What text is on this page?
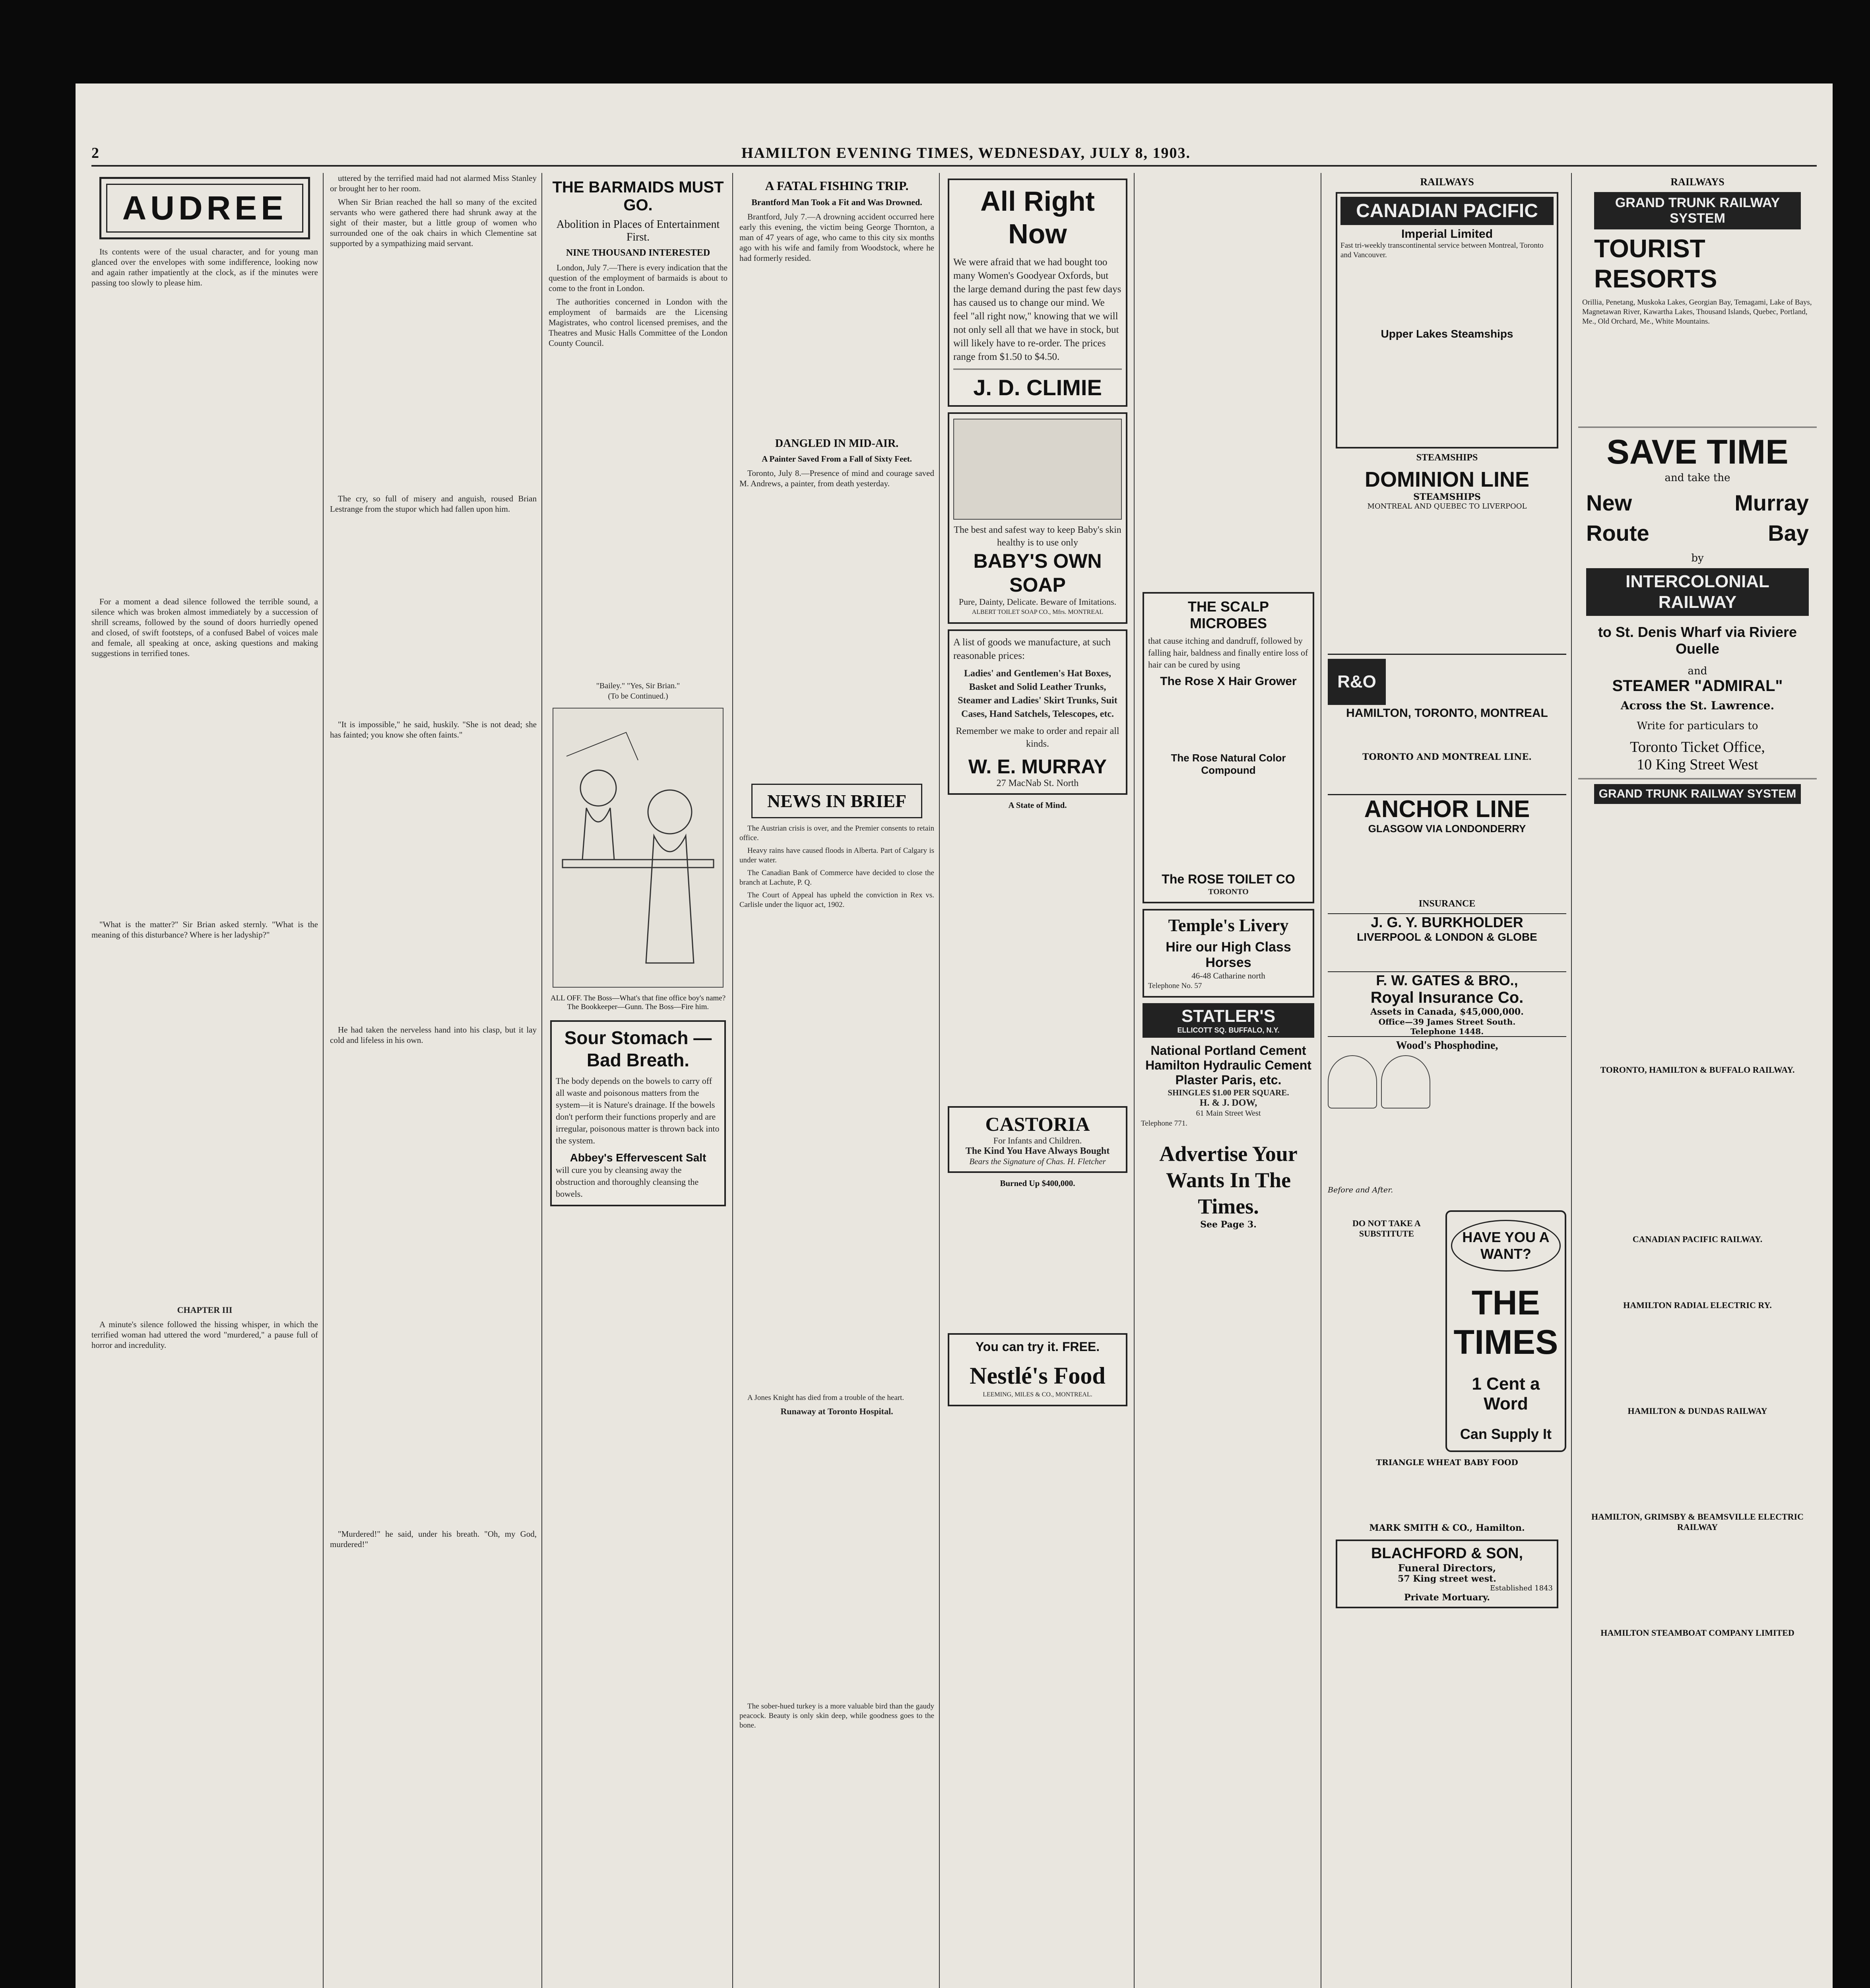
2	HAMILTON EVENING TIMES, WEDNESDAY, JULY 8, 1903.
AUDREE

Its contents were of the usual character, and for young man glanced over the envelopes with some indifference, looking now and again rather impatiently at the clock, as if the minutes were passing too slowly to please him.

For a moment a dead silence followed the terrible sound, a silence which was broken almost immediately by a succession of shrill screams, followed by the sound of doors hurriedly opened and closed, of swift footsteps, of a confused Babel of voices male and female, all speaking at once, asking questions and making suggestions in terrified tones.

"What is the matter?" Sir Brian asked sternly. "What is the meaning of this disturbance? Where is her ladyship?"

CHAPTER III

A minute's silence followed the hissing whisper, in which the terrified woman had uttered the word "murdered," a pause full of horror and incredulity.

uttered by the terrified maid had not alarmed Miss Stanley or brought her to her room.

When Sir Brian reached the hall so many of the excited servants who were gathered there had shrunk away at the sight of their master, but a little group of women who surrounded one of the oak chairs in which Clementine sat supported by a sympathizing maid servant.

The cry, so full of misery and anguish, roused Brian Lestrange from the stupor which had fallen upon him.

"It is impossible," he said, huskily. "She is not dead; she has fainted; you know she often faints."

He had taken the nerveless hand into his clasp, but it lay cold and lifeless in his own.

"Murdered!" he said, under his breath. "Oh, my God, murdered!"

THE BARMAIDS MUST GO.
Abolition in Places of Entertainment First.
NINE THOUSAND INTERESTED

London, July 7.—There is every indication that the question of the employment of barmaids is about to come to the front in London.

The authorities concerned in London with the employment of barmaids are the Licensing Magistrates, who control licensed premises, and the Theatres and Music Halls Committee of the London County Council.

"Bailey." "Yes, Sir Brian."
(To be Continued.)
ALL OFF. The Boss—What's that fine office boy's name? The Bookkeeper—Gunn. The Boss—Fire him.
Sour Stomach —Bad Breath.
The body depends on the bowels to carry off all waste and poisonous matters from the system—it is Nature's drainage. If the bowels don't perform their functions properly and are irregular, poisonous matter is thrown back into the system.
Abbey's Effervescent Salt
will cure you by cleansing away the obstruction and thoroughly cleansing the bowels.
A FATAL FISHING TRIP.
Brantford Man Took a Fit and Was Drowned.

Brantford, July 7.—A drowning accident occurred here early this evening, the victim being George Thornton, a man of 47 years of age, who came to this city six months ago with his wife and family from Woodstock, where he had formerly resided.

DANGLED IN MID-AIR.
A Painter Saved From a Fall of Sixty Feet.

Toronto, July 8.—Presence of mind and courage saved M. Andrews, a painter, from death yesterday.

NEWS IN BRIEF

The Austrian crisis is over, and the Premier consents to retain office.

Heavy rains have caused floods in Alberta. Part of Calgary is under water.

The Canadian Bank of Commerce have decided to close the branch at Lachute, P. Q.

The Court of Appeal has upheld the conviction in Rex vs. Carlisle under the liquor act, 1902.

A Jones Knight has died from a trouble of the heart.

Runaway at Toronto Hospital.

The sober-hued turkey is a more valuable bird than the gaudy peacock. Beauty is only skin deep, while goodness goes to the bone.

All Right Now
We were afraid that we had bought too many Women's Goodyear Oxfords, but the large demand during the past few days has caused us to change our mind. We feel "all right now," knowing that we will not only sell all that we have in stock, but will likely have to re-order. The prices range from $1.50 to $4.50.
J. D. CLIMIE
The best and safest way to keep Baby's skin healthy is to use only
BABY'S OWN SOAP
Pure, Dainty, Delicate. Beware of Imitations.
ALBERT TOILET SOAP CO., Mfrs. MONTREAL
A list of goods we manufacture, at such reasonable prices:
Ladies' and Gentlemen's Hat Boxes, Basket and Solid Leather Trunks, Steamer and Ladies' Skirt Trunks, Suit Cases, Hand Satchels, Telescopes, etc.
Remember we make to order and repair all kinds.
W. E. MURRAY
27 MacNab St. North
A State of Mind.
CASTORIA
For Infants and Children.
The Kind You Have Always Bought
Bears the Signature of Chas. H. Fletcher
Burned Up $400,000.
You can try it. FREE.
Nestlé's Food
LEEMING, MILES & CO., MONTREAL.
THE SCALP MICROBES
that cause itching and dandruff, followed by falling hair, baldness and finally entire loss of hair can be cured by using
The Rose X Hair Grower
The Rose Natural Color Compound
The ROSE TOILET CO
TORONTO
Temple's Livery
Hire our High Class Horses
46-48 Catharine north
Telephone No. 57
STATLER'S
ELLICOTT SQ. BUFFALO, N.Y.
National Portland Cement
Hamilton Hydraulic Cement
Plaster Paris, etc.
SHINGLES $1.00 PER SQUARE.
H. & J. DOW,
61 Main Street West
Telephone 771.
Advertise Your Wants In The Times.
See Page 3.
RAILWAYS
CANADIAN PACIFIC
Imperial Limited
Fast tri-weekly transcontinental service between Montreal, Toronto and Vancouver.
Upper Lakes Steamships
STEAMSHIPS
DOMINION LINE
STEAMSHIPS
MONTREAL AND QUEBEC TO LIVERPOOL
R&O
HAMILTON, TORONTO, MONTREAL
TORONTO AND MONTREAL LINE.
ANCHOR LINE
GLASGOW VIA LONDONDERRY
INSURANCE
J. G. Y. BURKHOLDER
LIVERPOOL & LONDON & GLOBE
F. W. GATES & BRO.,
Royal Insurance Co.
Assets in Canada, $45,000,000.
Office—39 James Street South.
Telephone 1448.
Wood's Phosphodine,
Before and After.
DO NOT TAKE A SUBSTITUTE	HAVE YOU A WANT?
THE TIMES
1 Cent a Word
Can Supply It
TRIANGLE WHEAT BABY FOOD
MARK SMITH & CO., Hamilton.
BLACHFORD & SON,
Funeral Directors,
57 King street west.
Established 1843
Private Mortuary.
RAILWAYS
GRAND TRUNK RAILWAY SYSTEM
TOURIST RESORTS
Orillia, Penetang, Muskoka Lakes, Georgian Bay, Temagami, Lake of Bays, Magnetawan River, Kawartha Lakes, Thousand Islands, Quebec, Portland, Me., Old Orchard, Me., White Mountains.
SAVE TIME
and take the
New Route
Murray Bay
by
INTERCOLONIAL RAILWAY
to St. Denis Wharf via Riviere Ouelle
and
STEAMER "ADMIRAL"
Across the St. Lawrence.
Write for particulars to
Toronto Ticket Office,
10 King Street West
GRAND TRUNK RAILWAY SYSTEM
TORONTO, HAMILTON & BUFFALO RAILWAY.
CANADIAN PACIFIC RAILWAY.
HAMILTON RADIAL ELECTRIC RY.
HAMILTON & DUNDAS RAILWAY
HAMILTON, GRIMSBY & BEAMSVILLE ELECTRIC RAILWAY
HAMILTON STEAMBOAT COMPANY LIMITED
